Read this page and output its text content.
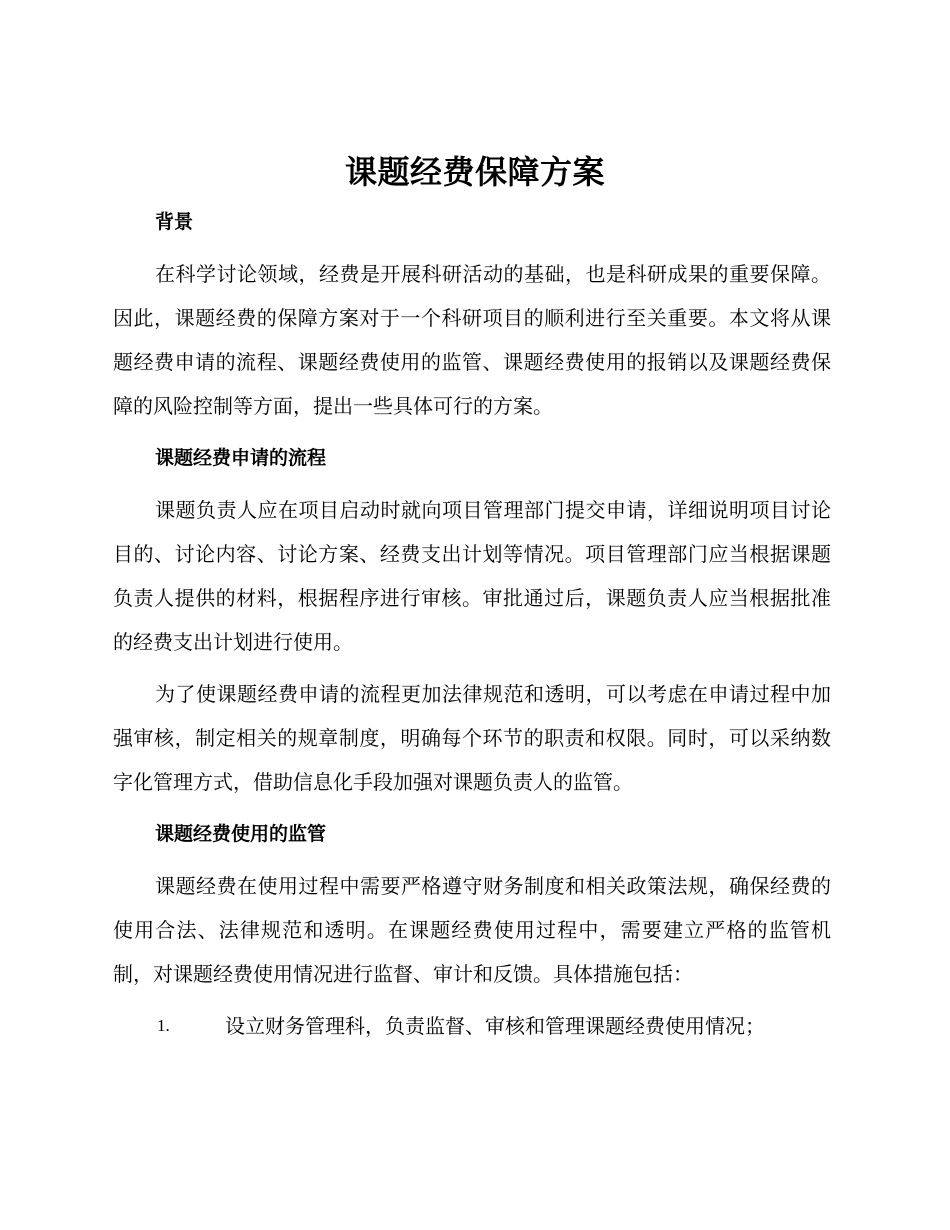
课题经费保障方案

背景

在科学讨论领域，经费是开展科研活动的基础，也是科研成果的重要保障。因此，课题经费的保障方案对于一个科研项目的顺利进行至关重要。本文将从课题经费申请的流程、课题经费使用的监管、课题经费使用的报销以及课题经费保障的风险控制等方面，提出一些具体可行的方案。

课题经费申请的流程

课题负责人应在项目启动时就向项目管理部门提交申请，详细说明项目讨论目的、讨论内容、讨论方案、经费支出计划等情况。项目管理部门应当根据课题负责人提供的材料，根据程序进行审核。审批通过后，课题负责人应当根据批准的经费支出计划进行使用。

为了使课题经费申请的流程更加法律规范和透明，可以考虑在申请过程中加强审核，制定相关的规章制度，明确每个环节的职责和权限。同时，可以采纳数字化管理方式，借助信息化手段加强对课题负责人的监管。

课题经费使用的监管

课题经费在使用过程中需要严格遵守财务制度和相关政策法规，确保经费的使用合法、法律规范和透明。在课题经费使用过程中，需要建立严格的监管机制，对课题经费使用情况进行监督、审计和反馈。具体措施包括：

1.	设立财务管理科，负责监督、审核和管理课题经费使用情况；
